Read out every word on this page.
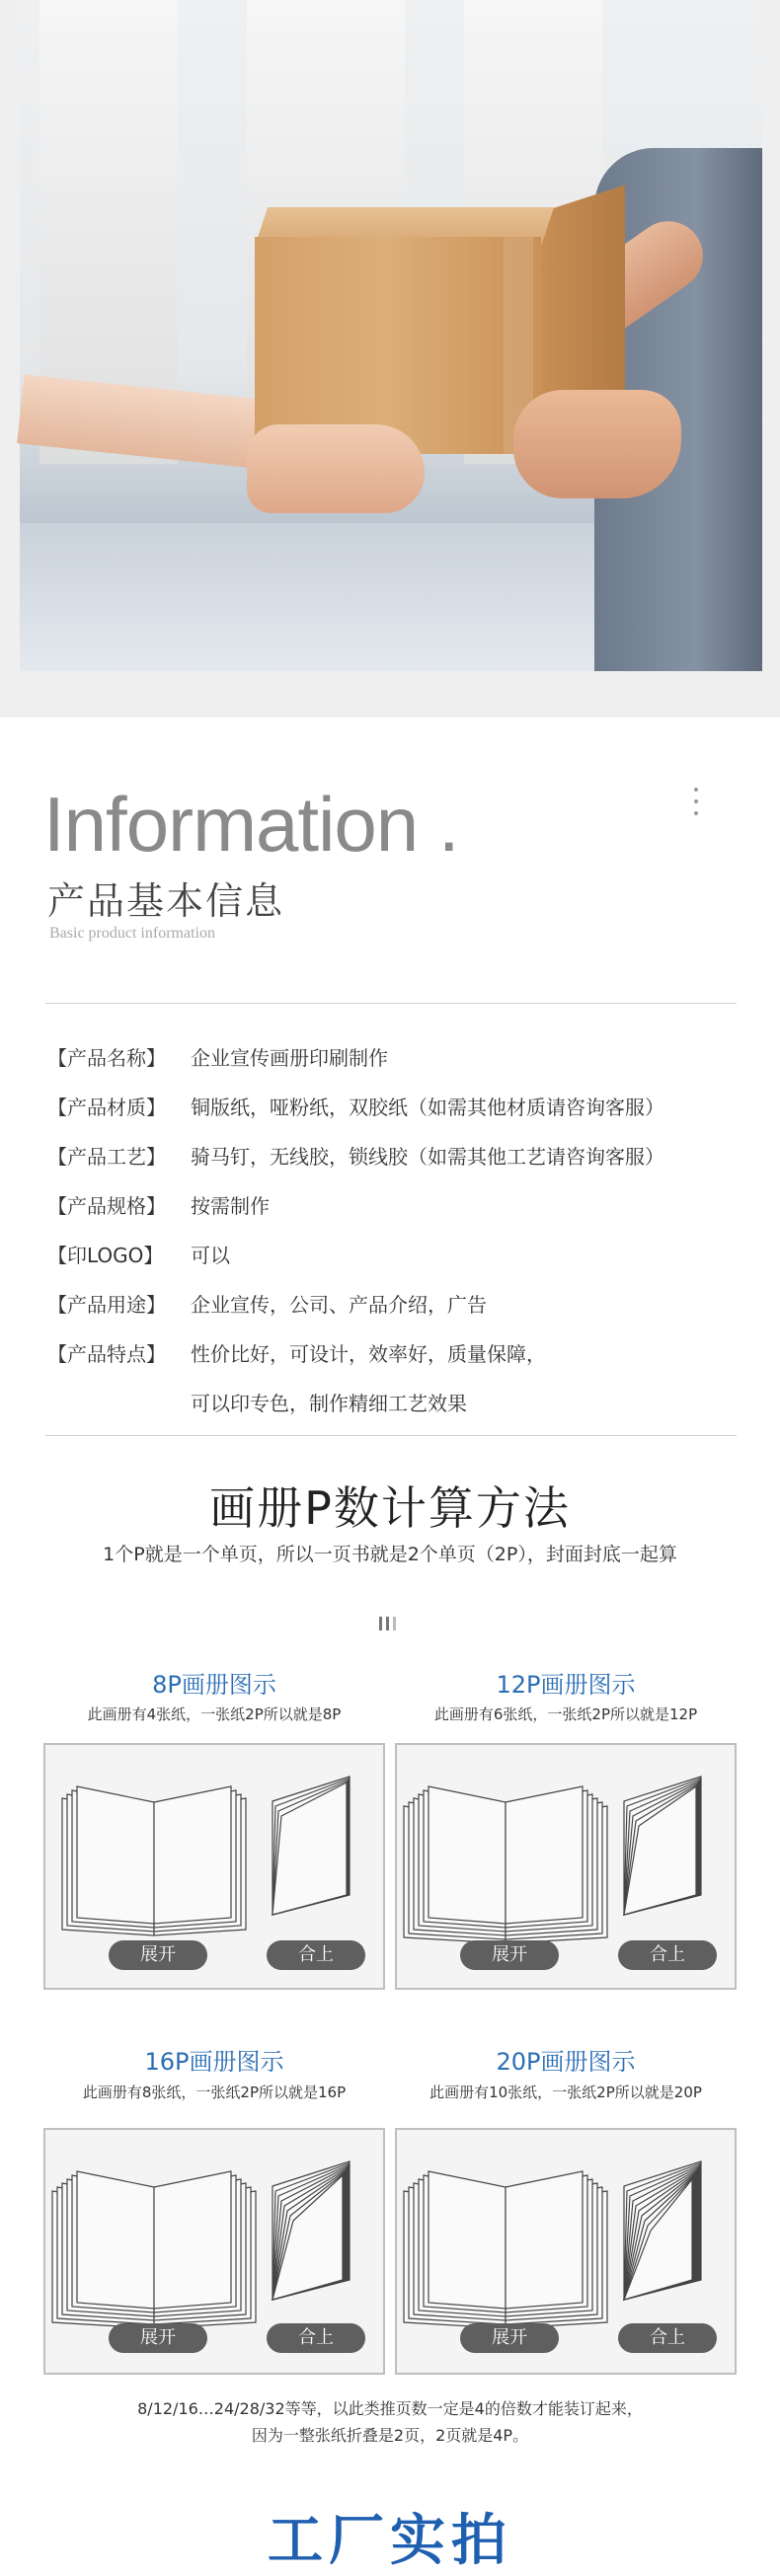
Information .
产品基本信息
Basic product information
【产品名称】 企业宣传画册印刷制作
【产品材质】 铜版纸，哑粉纸，双胶纸（如需其他材质请咨询客服）
【产品工艺】 骑马钉，无线胶，锁线胶（如需其他工艺请咨询客服）
【产品规格】 按需制作
【印LOGO】 可以
【产品用途】 企业宣传，公司、产品介绍，广告
【产品特点】 性价比好，可设计，效率好，质量保障，
可以印专色，制作精细工艺效果
画册P数计算方法
1个P就是一个单页，所以一页书就是2个单页（2P），封面封底一起算
8P画册图示
此画册有4张纸，一张纸2P所以就是8P
展开	合上
12P画册图示
此画册有6张纸，一张纸2P所以就是12P
展开	合上
16P画册图示
此画册有8张纸，一张纸2P所以就是16P
展开	合上
20P画册图示
此画册有10张纸，一张纸2P所以就是20P
展开	合上
8/12/16…24/28/32等等，以此类推页数一定是4的倍数才能装订起来，
因为一整张纸折叠是2页，2页就是4P。
工厂实拍
